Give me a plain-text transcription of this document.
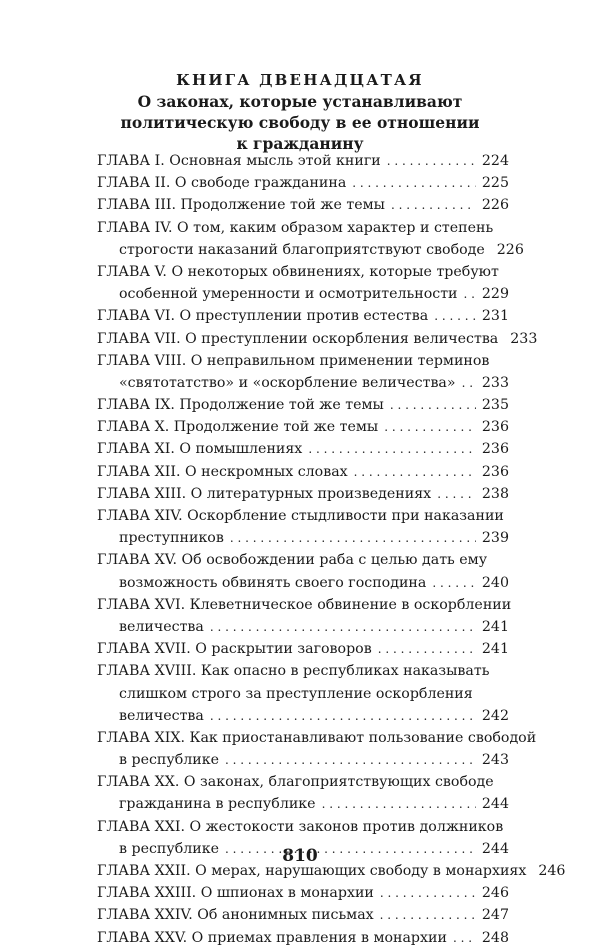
КНИГА ДВЕНАДЦАТАЯ

О законах, которые устанавливают

политическую свободу в ее отношении

к гражданину

ГЛАВА I. Основная мысль этой книги . . .	224
ГЛАВА II. О свободе гражданина . . .	225
ГЛАВА III. Продолжение той же темы . . .	226
ГЛАВА IV. О том, каким образом характер и степень
строгости наказаний благоприятствуют свободе 226
ГЛАВА V. О некоторых обвинениях, которые требуют
особенной умеренности и осмотрительности . . . 229
ГЛАВА VI. О преступлении против естества . . .	231
ГЛАВА VII. О преступлении оскорбления величества 233
ГЛАВА VIII. О неправильном применении терминов
«святотатство» и «оскорбление величества» . . . 233
ГЛАВА IX. Продолжение той же темы . . .	235
ГЛАВА X. Продолжение той же темы . . .	236
ГЛАВА XI. О помышлениях . . .	236
ГЛАВА XII. О нескромных словах . . .	236
ГЛАВА XIII. О литературных произведениях . . .	238
ГЛАВА XIV. Оскорбление стыдливости при наказании
преступников . . .	239
ГЛАВА XV. Об освобождении раба с целью дать ему
возможность обвинять своего господина . . .	240
ГЛАВА XVI. Клеветническое обвинение в оскорблении
величества . . .	241
ГЛАВА XVII. О раскрытии заговоров . . .	241
ГЛАВА XVIII. Как опасно в республиках наказывать
слишком строго за преступление оскорбления
величества . . .	242
ГЛАВА XIX. Как приостанавливают пользование свободой
в республике . . .	243
ГЛАВА XX. О законах, благоприятствующих свободе
гражданина в республике . . .	244
ГЛАВА XXI. О жестокости законов против должников
в республике . . .	244
ГЛАВА XXII. О мерах, нарушающих свободу в монархиях 246
ГЛАВА XXIII. О шпионах в монархии . . .	246
ГЛАВА XXIV. Об анонимных письмах . . .	247
ГЛАВА XXV. О приемах правления в монархии . . . 248
810
